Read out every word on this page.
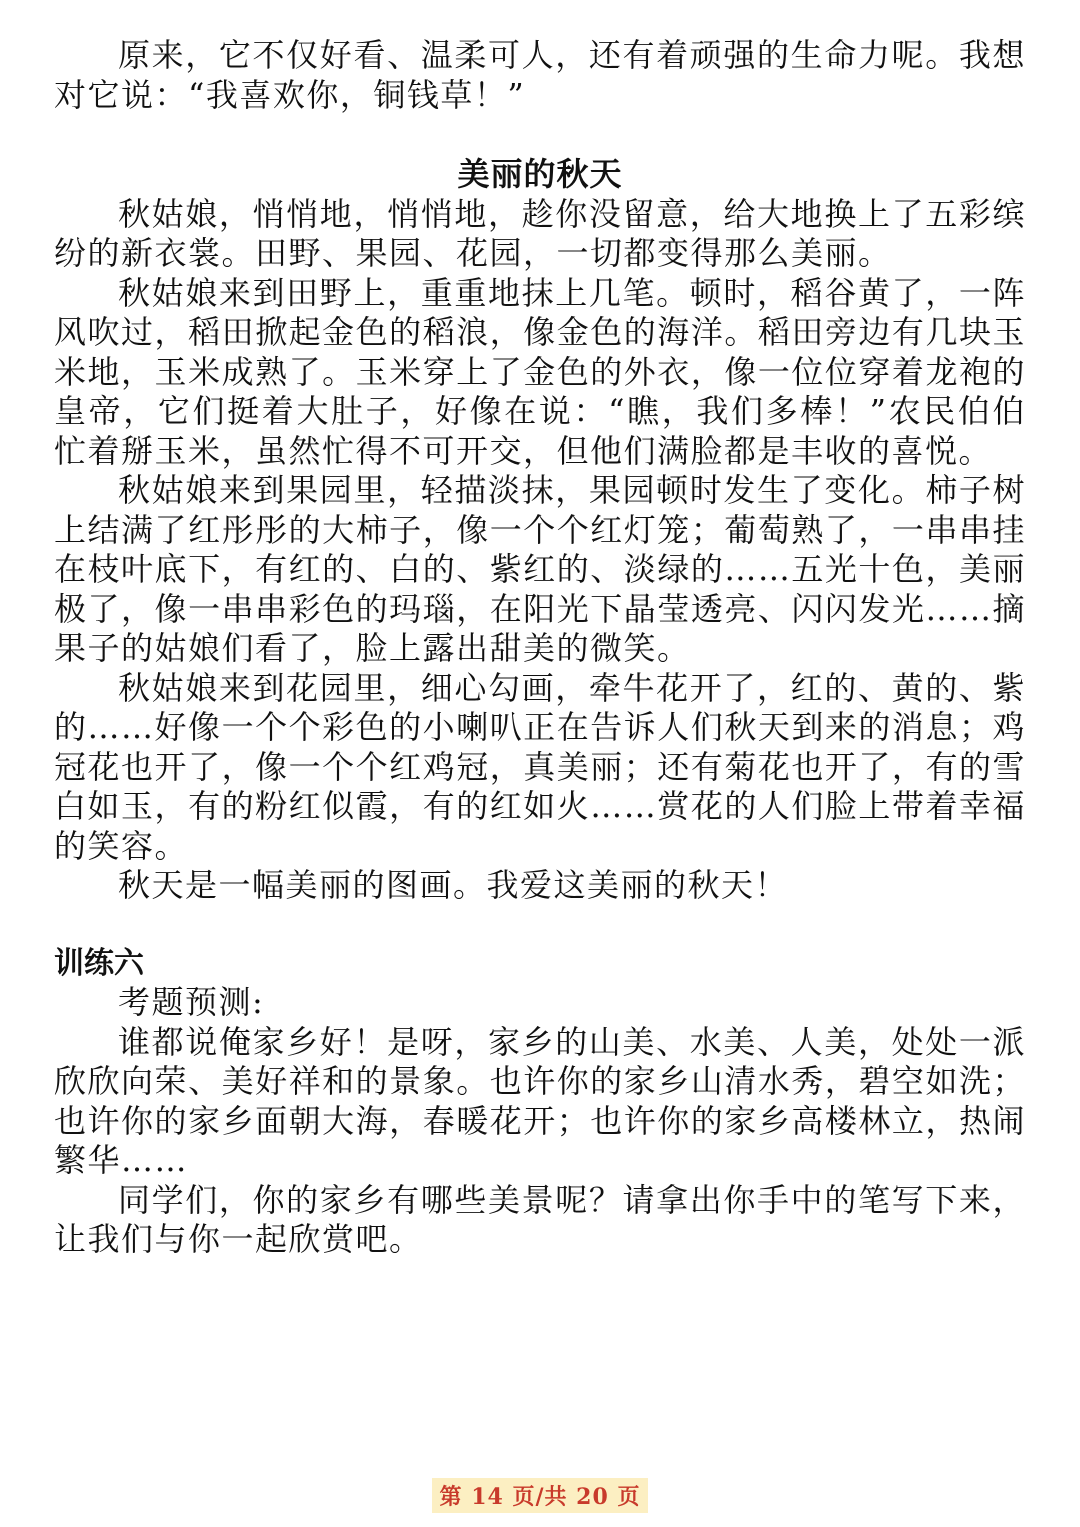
原来，它不仅好看、温柔可人，还有着顽强的生命力呢。我想对它说：“我喜欢你，铜钱草！”

美丽的秋天

秋姑娘，悄悄地，悄悄地，趁你没留意，给大地换上了五彩缤纷的新衣裳。田野、果园、花园，一切都变得那么美丽。

秋姑娘来到田野上，重重地抹上几笔。顿时，稻谷黄了，一阵风吹过，稻田掀起金色的稻浪，像金色的海洋。稻田旁边有几块玉米地，玉米成熟了。玉米穿上了金色的外衣，像一位位穿着龙袍的皇帝，它们挺着大肚子，好像在说：“瞧，我们多棒！”农民伯伯忙着掰玉米，虽然忙得不可开交，但他们满脸都是丰收的喜悦。

秋姑娘来到果园里，轻描淡抹，果园顿时发生了变化。柿子树上结满了红彤彤的大柿子，像一个个红灯笼；葡萄熟了，一串串挂在枝叶底下，有红的、白的、紫红的、淡绿的……五光十色，美丽极了，像一串串彩色的玛瑙，在阳光下晶莹透亮、闪闪发光……摘果子的姑娘们看了，脸上露出甜美的微笑。

秋姑娘来到花园里，细心勾画，牵牛花开了，红的、黄的、紫的……好像一个个彩色的小喇叭正在告诉人们秋天到来的消息；鸡冠花也开了，像一个个红鸡冠，真美丽；还有菊花也开了，有的雪白如玉，有的粉红似霞，有的红如火……赏花的人们脸上带着幸福的笑容。

秋天是一幅美丽的图画。我爱这美丽的秋天！

训练六

考题预测:

谁都说俺家乡好！是呀，家乡的山美、水美、人美，处处一派欣欣向荣、美好祥和的景象。也许你的家乡山清水秀，碧空如洗；也许你的家乡面朝大海，春暖花开；也许你的家乡高楼林立，热闹繁华……

同学们，你的家乡有哪些美景呢？请拿出你手中的笔写下来，让我们与你一起欣赏吧。

第 14 页/共 20 页
